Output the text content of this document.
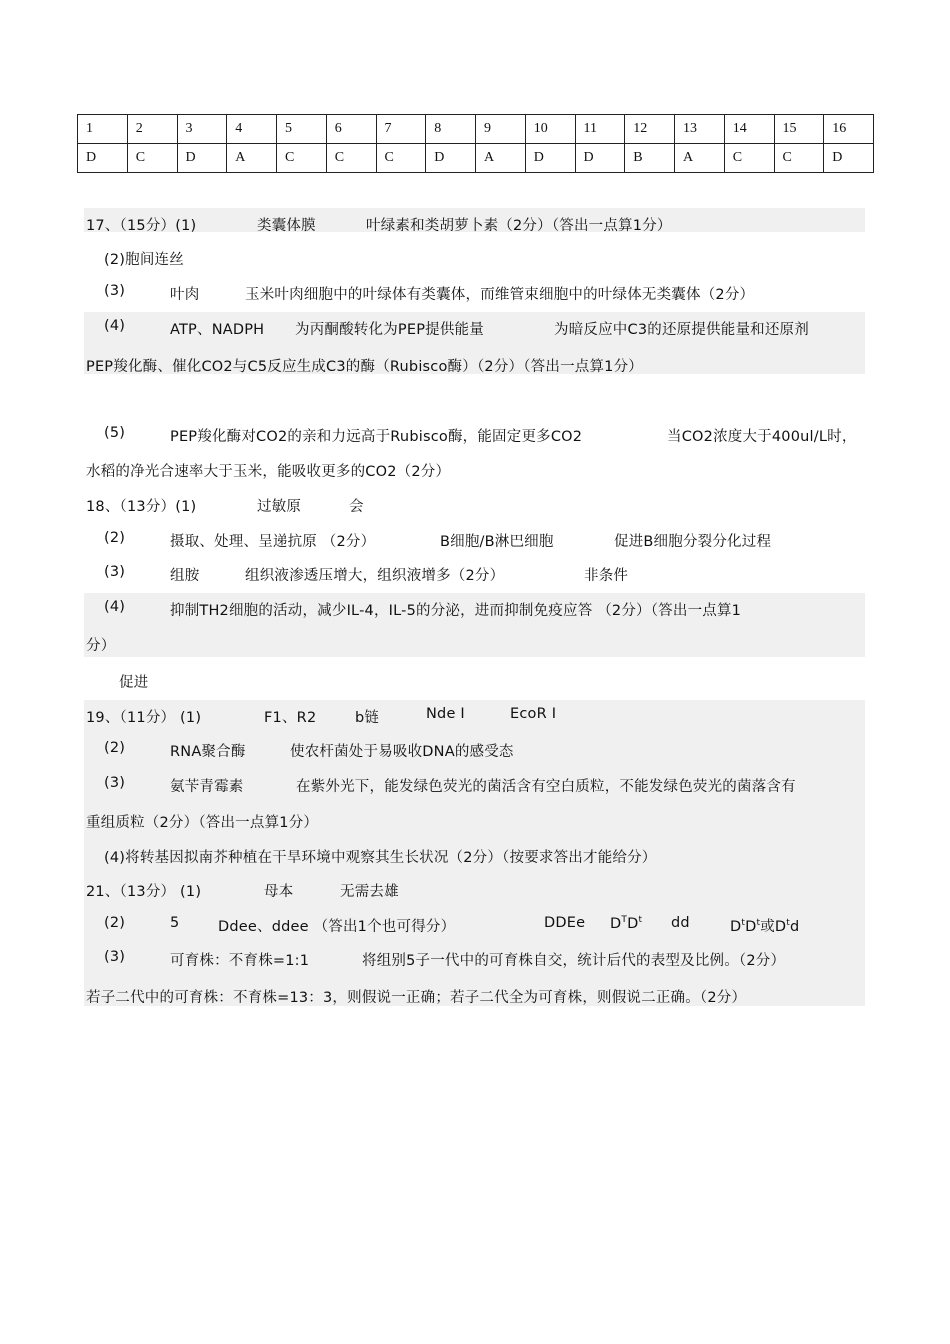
1	2	3	4	5	6	7	8	9	10	11	12	13	14	15	16
D	C	D	A	C	C	C	D	A	D	D	B	A	C	C	D
17、（15分）(1)	类囊体膜	叶绿素和类胡萝卜素（2分）（答出一点算1分）
(2)胞间连丝
(3)	叶肉	玉米叶肉细胞中的叶绿体有类囊体，而维管束细胞中的叶绿体无类囊体（2分）
(4)	ATP、NADPH 为丙酮酸转化为PEP提供能量	为暗反应中C3的还原提供能量和还原剂
PEP羧化酶、催化CO2与C5反应生成C3的酶（Rubisco酶）（2分）（答出一点算1分）
(5)	PEP羧化酶对CO2的亲和力远高于Rubisco酶，能固定更多CO2	当CO2浓度大于400ul/L时，
水稻的净光合速率大于玉米，能吸收更多的CO2（2分）
18、（13分）(1)	过敏原	会
(2)	摄取、处理、呈递抗原 （2分）	B细胞/B淋巴细胞	促进B细胞分裂分化过程
(3)	组胺	组织液渗透压增大，组织液增多（2分）	非条件
(4)	抑制TH2细胞的活动，减少IL-4，IL-5的分泌，进而抑制免疫应答 （2分）（答出一点算1
分）
促进
19、（11分） (1)	F1、R2	b链	Nde I	EcoR Ⅰ
(2)	RNA聚合酶	使农杆菌处于易吸收DNA的感受态
(3)	氨苄青霉素	在紫外光下，能发绿色荧光的菌活含有空白质粒，不能发绿色荧光的菌落含有
重组质粒（2分）（答出一点算1分）
(4)将转基因拟南芥种植在干旱环境中观察其生长状况（2分）（按要求答出才能给分）
21、（13分） (1)	母本	无需去雄
(2)	5	Ddee、ddee （答出1个也可得分）	DDEe $D^TD^t$ dd	$D^tD^t$或$D^td$
(3)	可育株：不育株=1:1	将组别5子一代中的可育株自交，统计后代的表型及比例。（2分）
若子二代中的可育株：不育株=13：3，则假说一正确；若子二代全为可育株，则假说二正确。（2分）
